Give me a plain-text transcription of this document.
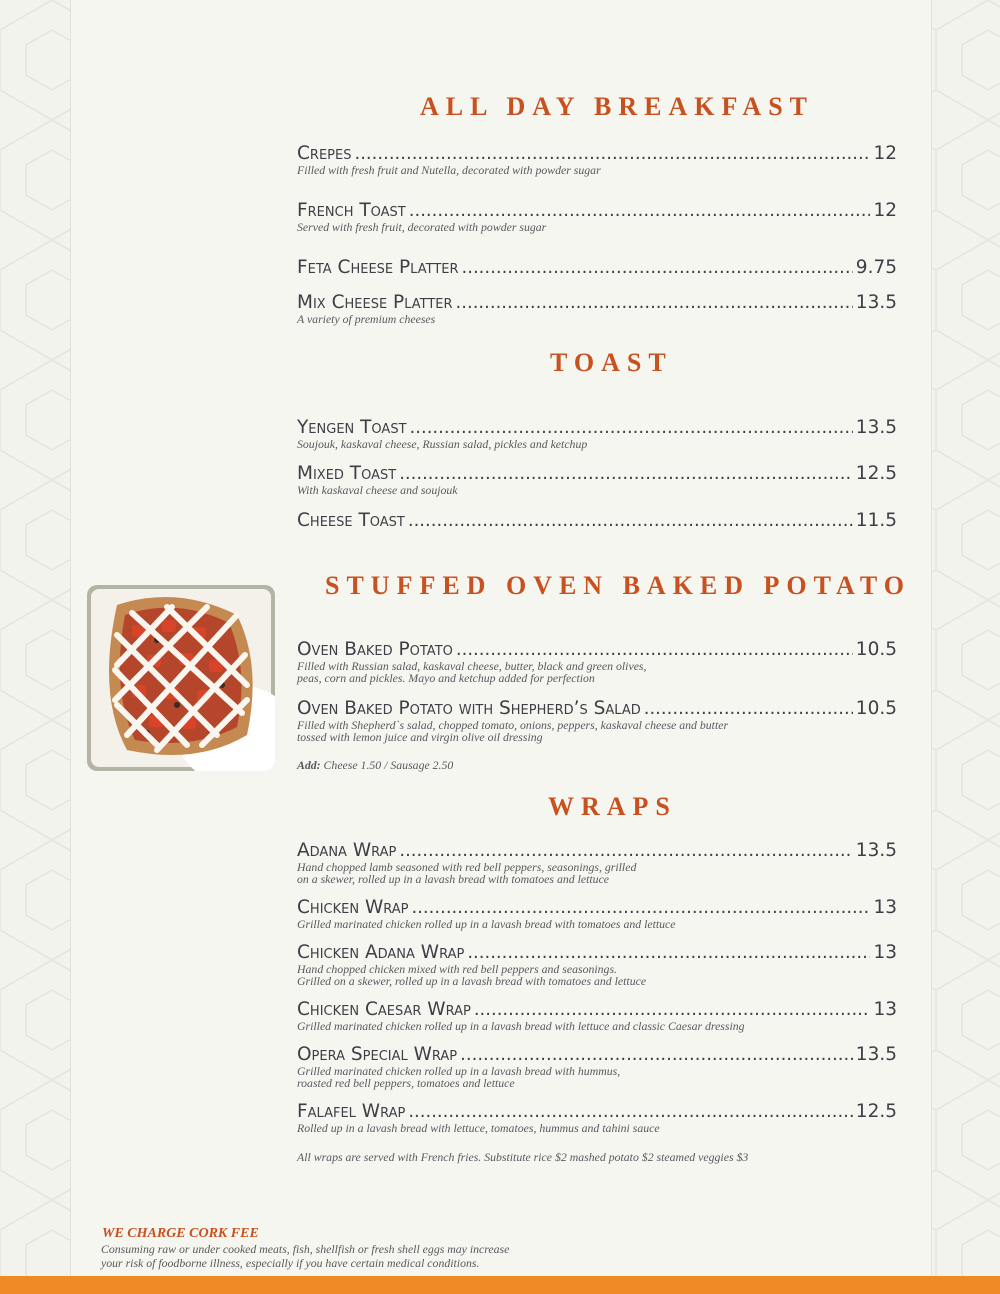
ALL DAY BREAKFAST
Crepes .....	12
Filled with fresh fruit and Nutella, decorated with powder sugar
French Toast .....	12
Served with fresh fruit, decorated with powder sugar
Feta Cheese Platter .....	9.75
Mix Cheese Platter .....	13.5
A variety of premium cheeses
TOAST
Yengen Toast .....	13.5
Soujouk, kaskaval cheese, Russian salad, pickles and ketchup
Mixed Toast .....	12.5
With kaskaval cheese and soujouk
Cheese Toast .....	11.5
STUFFED OVEN BAKED POTATO
Oven Baked Potato .....	10.5
Filled with Russian salad, kaskaval cheese, butter, black and green olives,
peas, corn and pickles. Mayo and ketchup added for perfection
Oven Baked Potato with Shepherd’s Salad .....	10.5
Filled with Shepherd`s salad, chopped tomato, onions, peppers, kaskaval cheese and butter
tossed with lemon juice and virgin olive oil dressing
Add: Cheese 1.50 / Sausage 2.50
WRAPS
Adana Wrap .....	13.5
Hand chopped lamb seasoned with red bell peppers, seasonings, grilled
on a skewer, rolled up in a lavash bread with tomatoes and lettuce
Chicken Wrap .....	13
Grilled marinated chicken rolled up in a lavash bread with tomatoes and lettuce
Chicken Adana Wrap .....	13
Hand chopped chicken mixed with red bell peppers and seasonings.
Grilled on a skewer, rolled up in a lavash bread with tomatoes and lettuce
Chicken Caesar Wrap .....	13
Grilled marinated chicken rolled up in a lavash bread with lettuce and classic Caesar dressing
Opera Special Wrap .....	13.5
Grilled marinated chicken rolled up in a lavash bread with hummus,
roasted red bell peppers, tomatoes and lettuce
Falafel Wrap .....	12.5
Rolled up in a lavash bread with lettuce, tomatoes, hummus and tahini sauce
All wraps are served with French fries. Substitute rice $2 mashed potato $2 steamed veggies $3
WE CHARGE CORK FEE
Consuming raw or under cooked meats, fish, shellfish or fresh shell eggs may increase
your risk of foodborne illness, especially if you have certain medical conditions.
